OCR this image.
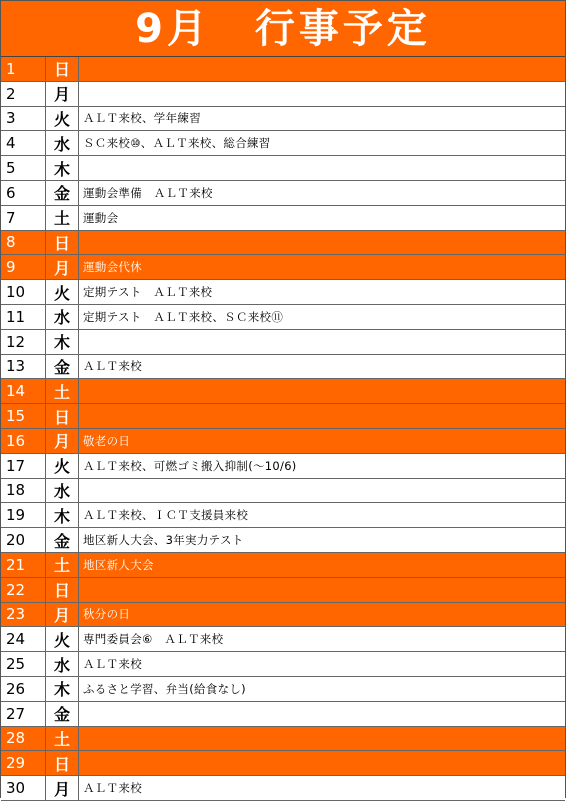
9月　行事予定
1	日
2	月
3	火	ＡＬＴ来校、学年練習
4	水	ＳＣ来校⑩、ＡＬＴ来校、総合練習
5	木
6	金	運動会準備　ＡＬＴ来校
7	土	運動会
8	日
9	月	運動会代休
10	火	定期テスト　ＡＬＴ来校
11	水	定期テスト　ＡＬＴ来校、ＳＣ来校⑪
12	木
13	金	ＡＬＴ来校
14	土
15	日
16	月	敬老の日
17	火	ＡＬＴ来校、可燃ゴミ搬入抑制(～10/6)
18	水
19	木	ＡＬＴ来校、ＩＣＴ支援員来校
20	金	地区新人大会、3年実力テスト
21	土	地区新人大会
22	日
23	月	秋分の日
24	火	専門委員会⑥　ＡＬＴ来校
25	水	ＡＬＴ来校
26	木	ふるさと学習、弁当(給食なし)
27	金
28	土
29	日
30	月	ＡＬＴ来校
